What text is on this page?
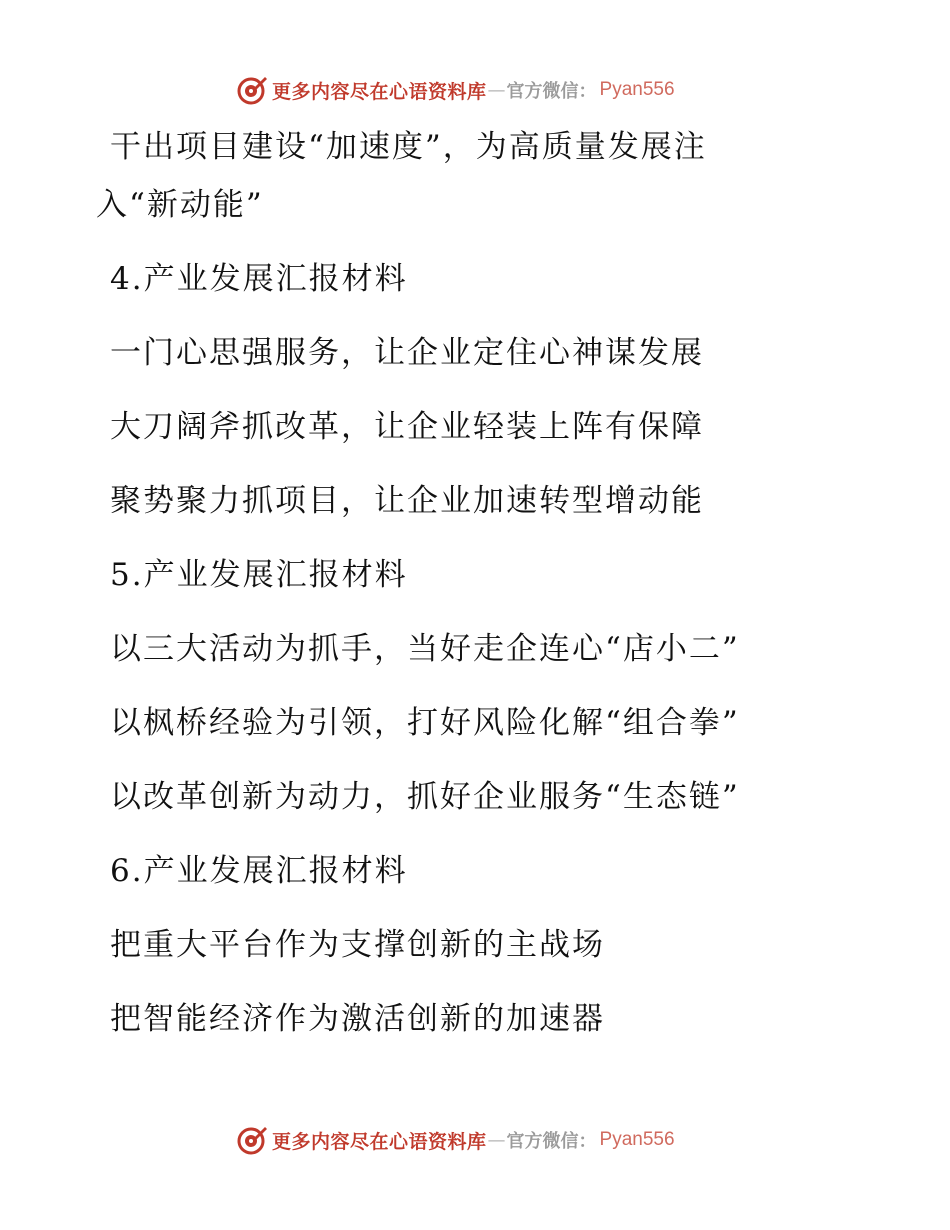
更多内容尽在心语资料库 — 官方微信： Pyan556
干出项目建设“加速度”，为高质量发展注
入“新动能”
4.产业发展汇报材料
一门心思强服务，让企业定住心神谋发展
大刀阔斧抓改革，让企业轻装上阵有保障
聚势聚力抓项目，让企业加速转型增动能
5.产业发展汇报材料
以三大活动为抓手，当好走企连心“店小二”
以枫桥经验为引领，打好风险化解“组合拳”
以改革创新为动力，抓好企业服务“生态链”
6.产业发展汇报材料
把重大平台作为支撑创新的主战场
把智能经济作为激活创新的加速器
更多内容尽在心语资料库 — 官方微信： Pyan556
